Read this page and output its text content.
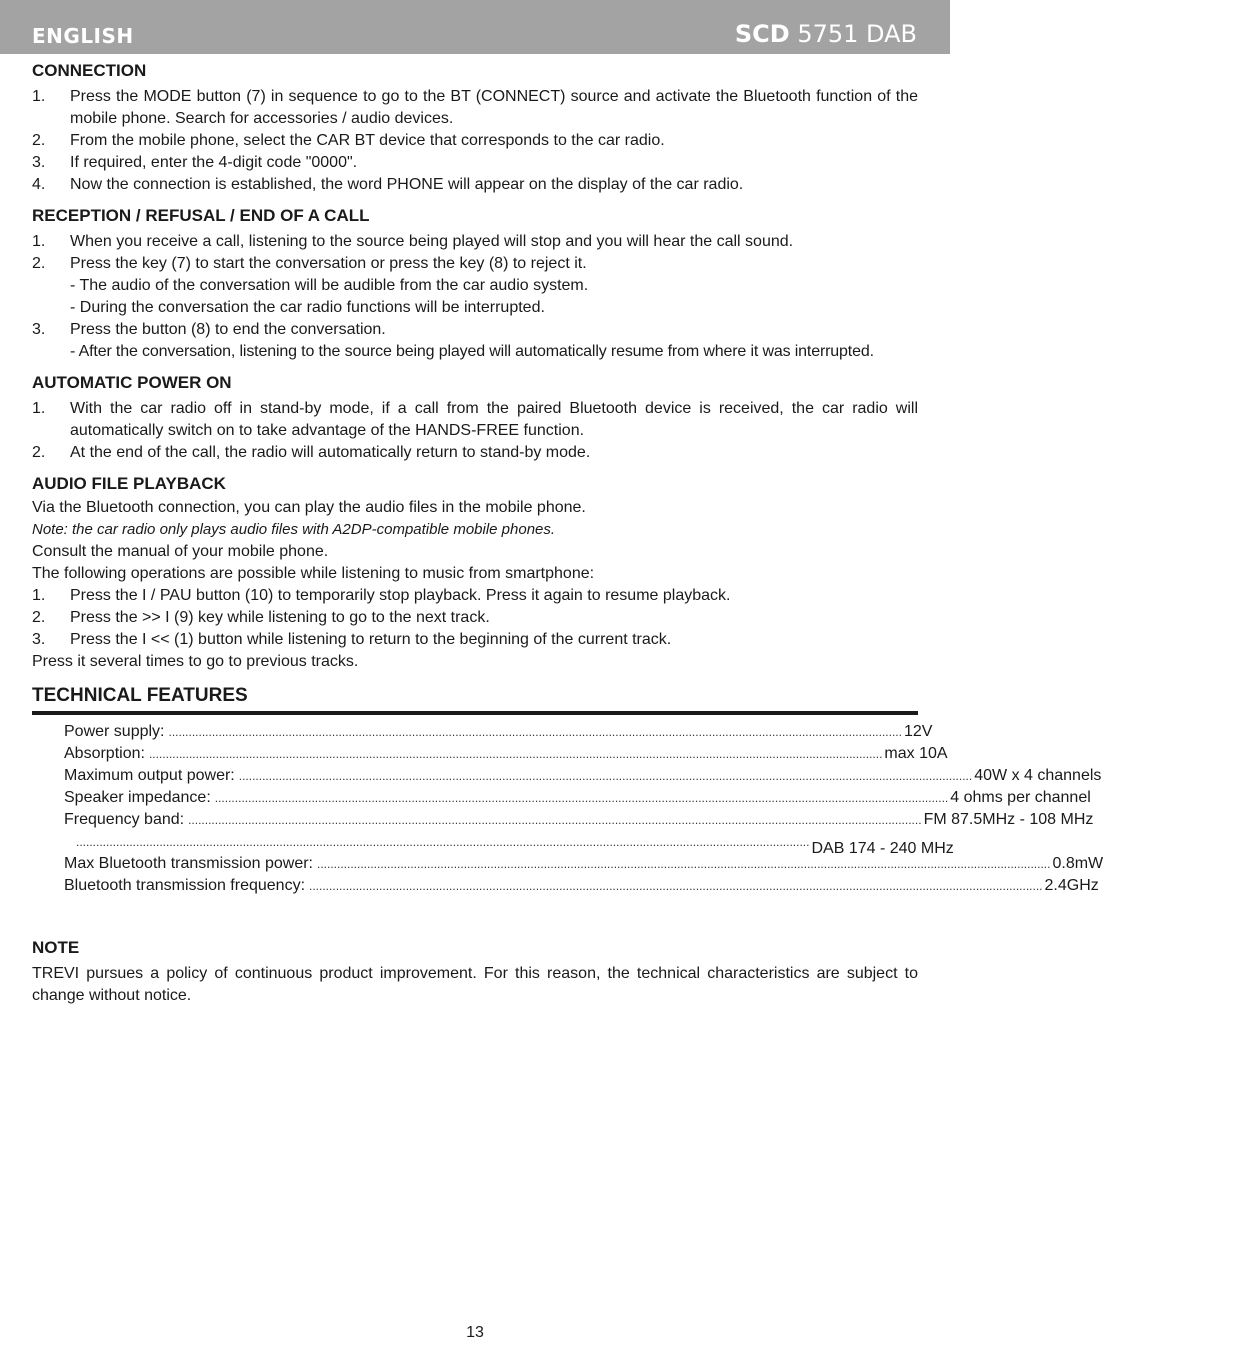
ENGLISH	SCD 5751 DAB
CONNECTION
1.	Press the MODE button (7) in sequence to go to the BT (CONNECT) source and activate the Bluetooth function of the mobile phone. Search for accessories / audio devices.
2.	From the mobile phone, select the CAR BT device that corresponds to the car radio.
3.	If required, enter the 4-digit code "0000".
4.	Now the connection is established, the word PHONE will appear on the display of the car radio.
RECEPTION / REFUSAL / END OF A CALL
1.	When you receive a call, listening to the source being played will stop and you will hear the call sound.
2.	Press the key (7) to start the conversation or press the key (8) to reject it.
- The audio of the conversation will be audible from the car audio system.
- During the conversation the car radio functions will be interrupted.
3.	Press the button (8) to end the conversation.
- After the conversation, listening to the source being played will automatically resume from where it was interrupted.
AUTOMATIC POWER ON
1.	With the car radio off in stand-by mode, if a call from the paired Bluetooth device is received, the car radio will automatically switch on to take advantage of the HANDS-FREE function.
2.	At the end of the call, the radio will automatically return to stand-by mode.
AUDIO FILE PLAYBACK

Via the Bluetooth connection, you can play the audio files in the mobile phone.

Note: the car radio only plays audio files with A2DP-compatible mobile phones.

Consult the manual of your mobile phone.

The following operations are possible while listening to music from smartphone:

1.	Press the I / PAU button (10) to temporarily stop playback. Press it again to resume playback.
2.	Press the >> I (9) key while listening to go to the next track.
3.	Press the I << (1) button while listening to return to the beginning of the current track.

Press it several times to go to previous tracks.

TECHNICAL FEATURES
Power supply: ............................................................................................................................................................................................................................ 12V
Absorption: ............................................................................................................................................................................................................................ max 10A
Maximum output power: ............................................................................................................................................................................................................................ 40W x 4 channels
Speaker impedance: ............................................................................................................................................................................................................................ 4 ohms per channel
Frequency band: ............................................................................................................................................................................................................................ FM 87.5MHz - 108 MHz
............................................................................................................................................................................................................................ DAB 174 - 240 MHz
Max Bluetooth transmission power: ............................................................................................................................................................................................................................ 0.8mW
Bluetooth transmission frequency: ............................................................................................................................................................................................................................ 2.4GHz
NOTE

TREVI pursues a policy of continuous product improvement. For this reason, the technical characteristics are subject to change without notice.

13
